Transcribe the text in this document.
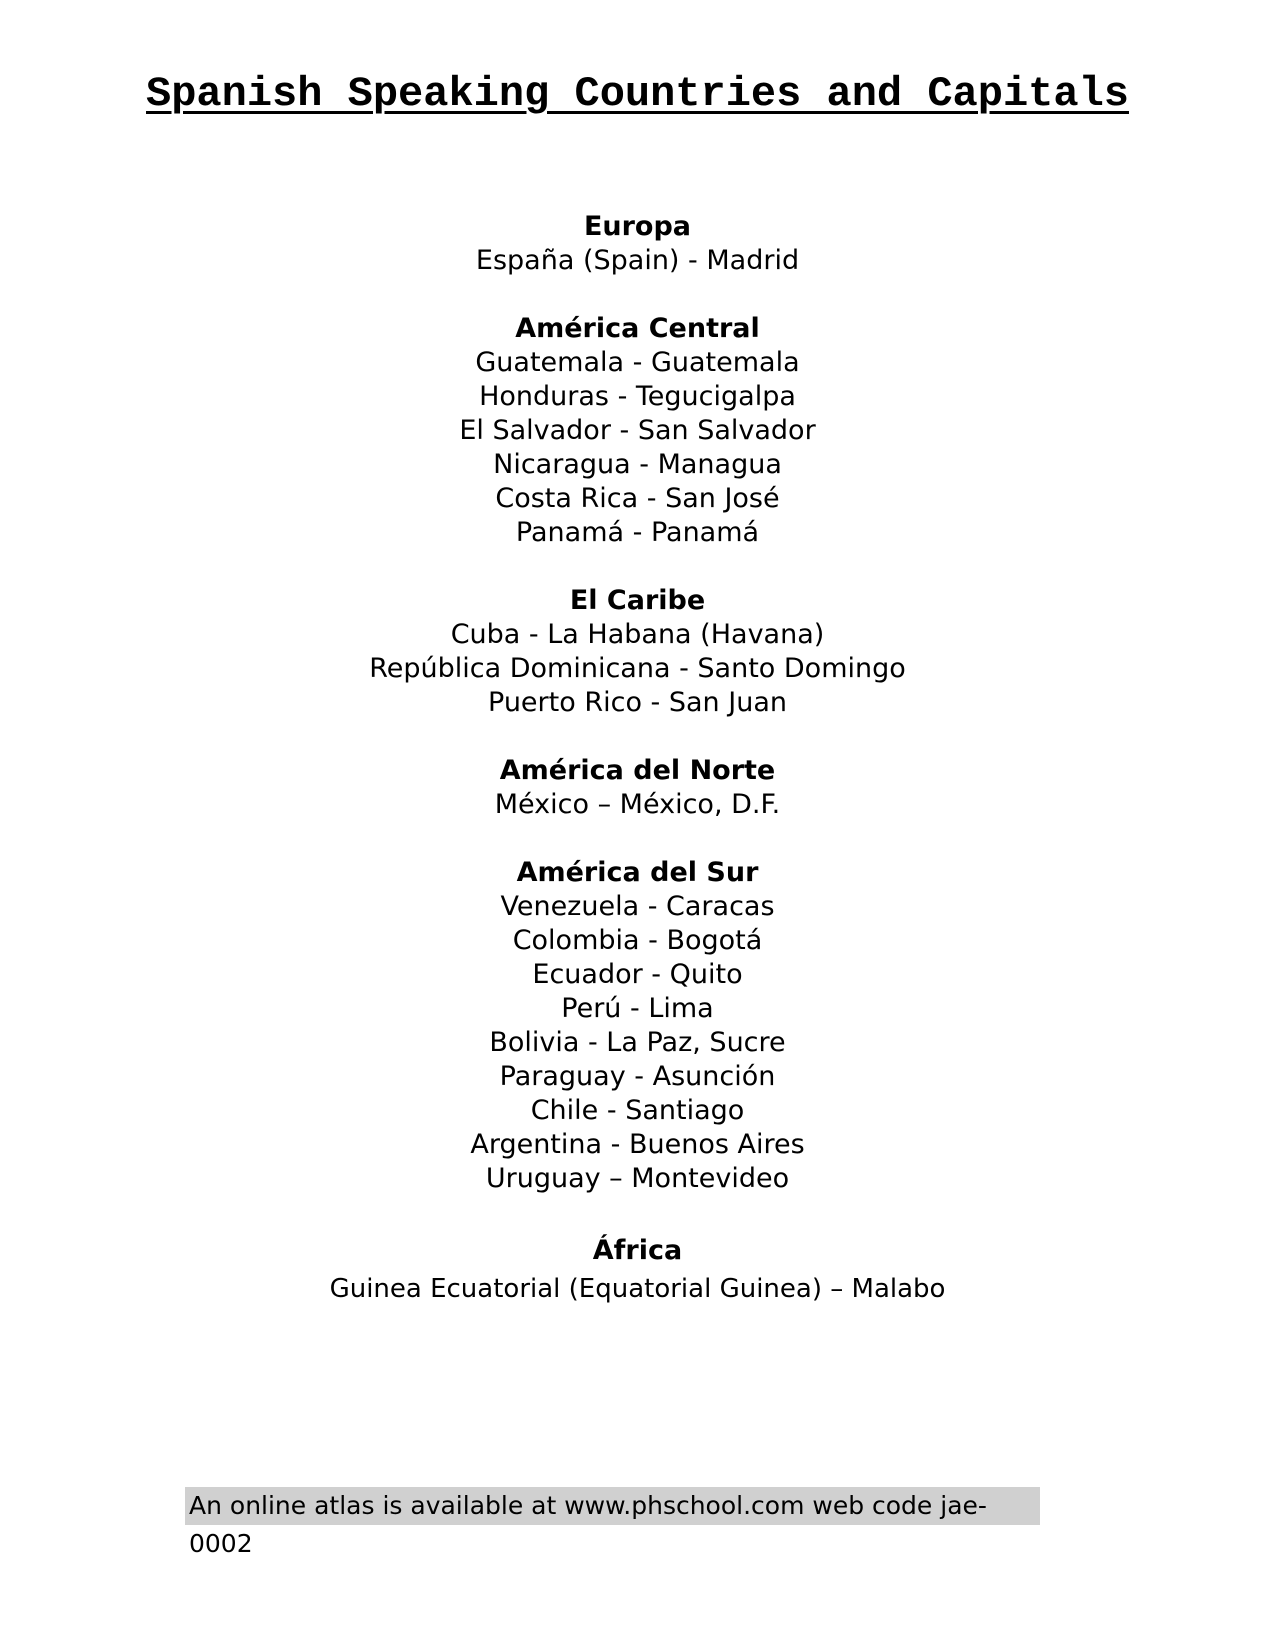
Spanish Speaking Countries and Capitals
Europa
España (Spain) - Madrid
América Central
Guatemala - Guatemala
Honduras - Tegucigalpa
El Salvador - San Salvador
Nicaragua - Managua
Costa Rica - San José
Panamá - Panamá
El Caribe
Cuba - La Habana (Havana)
República Dominicana - Santo Domingo
Puerto Rico - San Juan
América del Norte
México – México, D.F.
América del Sur
Venezuela - Caracas
Colombia - Bogotá
Ecuador - Quito
Perú - Lima
Bolivia - La Paz, Sucre
Paraguay - Asunción
Chile - Santiago
Argentina - Buenos Aires
Uruguay – Montevideo
África
Guinea Ecuatorial (Equatorial Guinea) – Malabo
An online atlas is available at www.phschool.com web code jae-0002
